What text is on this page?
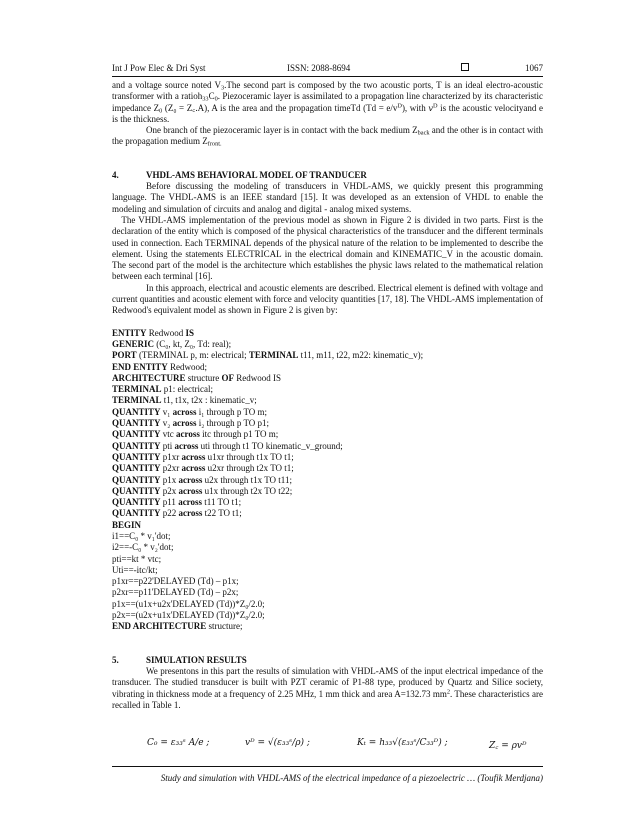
Int J Pow Elec & Dri Syst	ISSN: 2088-8694	1067

and a voltage source noted $V_3.The$ second part is composed by the two acoustic ports, T is an ideal electro-acoustic transformer with a $ratioh_{33}C_0$. Piezoceramic layer is assimilated to a propagation line characterized by its characteristic impedance $Z_0$ (Z₀ = Z꜀.A), A is the area and the propagation timeTd $(Td = e/v^D)$, with $v^D$ is the acoustic velocityand e is the thickness.

One branch of the piezoceramic layer is in contact with the back medium $Z_{back}$ and the other is in contact with the propagation medium $Z_{front.}$

4.	VHDL-AMS BEHAVIORAL MODEL OF TRANDUCER

Before discussing the modeling of transducers in VHDL-AMS, we quickly present this programming language. The VHDL-AMS is an IEEE standard [15]. It was developed as an extension of VHDL to enable the modeling and simulation of circuits and analog and digital - analog mixed systems.

The VHDL-AMS implementation of the previous model as shown in Figure 2 is divided in two parts. First is the declaration of the entity which is composed of the physical characteristics of the transducer and the different terminals used in connection. Each TERMINAL depends of the physical nature of the relation to be implemented to describe the element. Using the statements ELECTRICAL in the electrical domain and KINEMATIC_V in the acoustic domain. The second part of the model is the architecture which establishes the physic laws related to the mathematical relation between each terminal [16].

In this approach, electrical and acoustic elements are described. Electrical element is defined with voltage and current quantities and acoustic element with force and velocity quantities [17, 18]. The VHDL-AMS implementation of Redwood's equivalent model as shown in Figure 2 is given by:

ENTITY Redwood IS
GENERIC (C₀, kt, Z₀, Td: real);
PORT (TERMINAL p, m: electrical; TERMINAL t11, m11, t22, m22: kinematic_v);
END ENTITY Redwood;
ARCHITECTURE structure OF Redwood IS
TERMINAL p1: electrical;
TERMINAL t1, t1x, t2x : kinematic_v;
QUANTITY v₁ across i₁ through p TO m;
QUANTITY v₂ across i₂ through p TO p1;
QUANTITY vtc across itc through p1 TO m;
QUANTITY pti across uti through t1 TO kinematic_v_ground;
QUANTITY p1xr across u1xr through t1x TO t1;
QUANTITY p2xr across u2xr through t2x TO t1;
QUANTITY p1x across u2x through t1x TO t11;
QUANTITY p2x across u1x through t2x TO t22;
QUANTITY p11 across t11 TO t1;
QUANTITY p22 across t22 TO t1;
BEGIN
i1==C₀ * v₁'dot;
i2==-C₀ * v₂'dot;
pti==kt * vtc;
Uti==-itc/kt;
p1xr==p22'DELAYED (Td) – p1x;
p2xr==p11'DELAYED (Td) – p2x;
p1x==(u1x+u2x'DELAYED (Td))*Z₀/2.0;
p2x==(u2x+u1x'DELAYED (Td))*Z₀/2.0;
END ARCHITECTURE structure;
5.	SIMULATION RESULTS

We presentons in this part the results of simulation with VHDL-AMS of the input electrical impedance of the transducer. The studied transducer is built with PZT ceramic of P1-88 type, produced by Quartz and Silice society, vibrating in thickness mode at a frequency of 2.25 MHz, 1 mm thick and area A=132.73 $mm^2$. These characteristics are recalled in Table 1.

C₀ = ε₃₃ˢ A/e ;	vᴰ = √(ε₃₃ˢ/ρ) ;	Kₜ = h₃₃√(ε₃₃ˢ/C₃₃ᴰ) ;	Z꜀ = ρvᴰ
Study and simulation with VHDL-AMS of the electrical impedance of a piezoelectric … (Toufik Merdjana)
